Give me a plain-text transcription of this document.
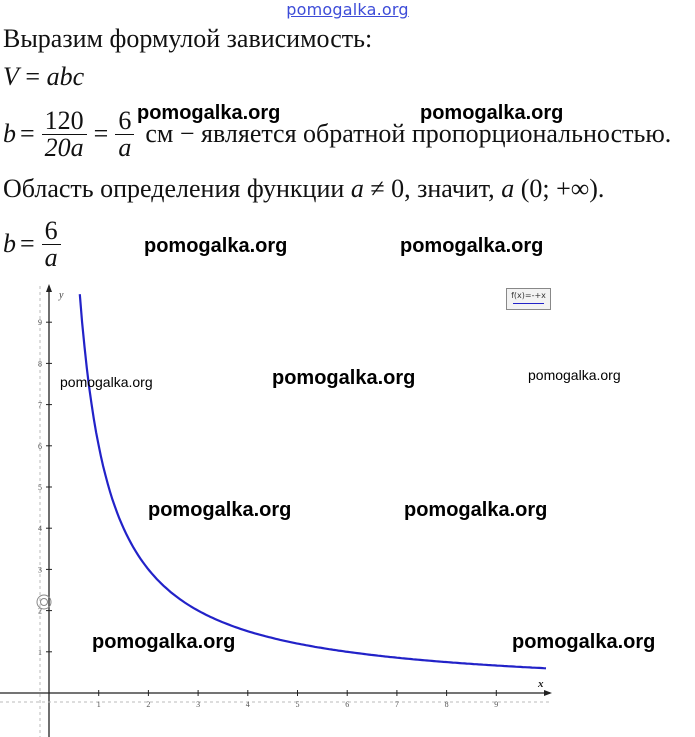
pomogalka.org
Выразим формулой зависимость:
V = abc
$b = \frac{120}{20a} = \frac{6}{a}$ см − является обратной пропорциональностью.
Область определения функции a ≠ 0, значит, a (0; +∞).
$b = \frac{6}{a}$
x
y
1	2	3	4	5	6	7	8	9
1
2
3
4
5
6
7
8
9
f(x)=-+x
pomogalka.org	pomogalka.org
pomogalka.org	pomogalka.org
pomogalka.org	pomogalka.org	pomogalka.org
pomogalka.org	pomogalka.org
pomogalka.org	pomogalka.org
